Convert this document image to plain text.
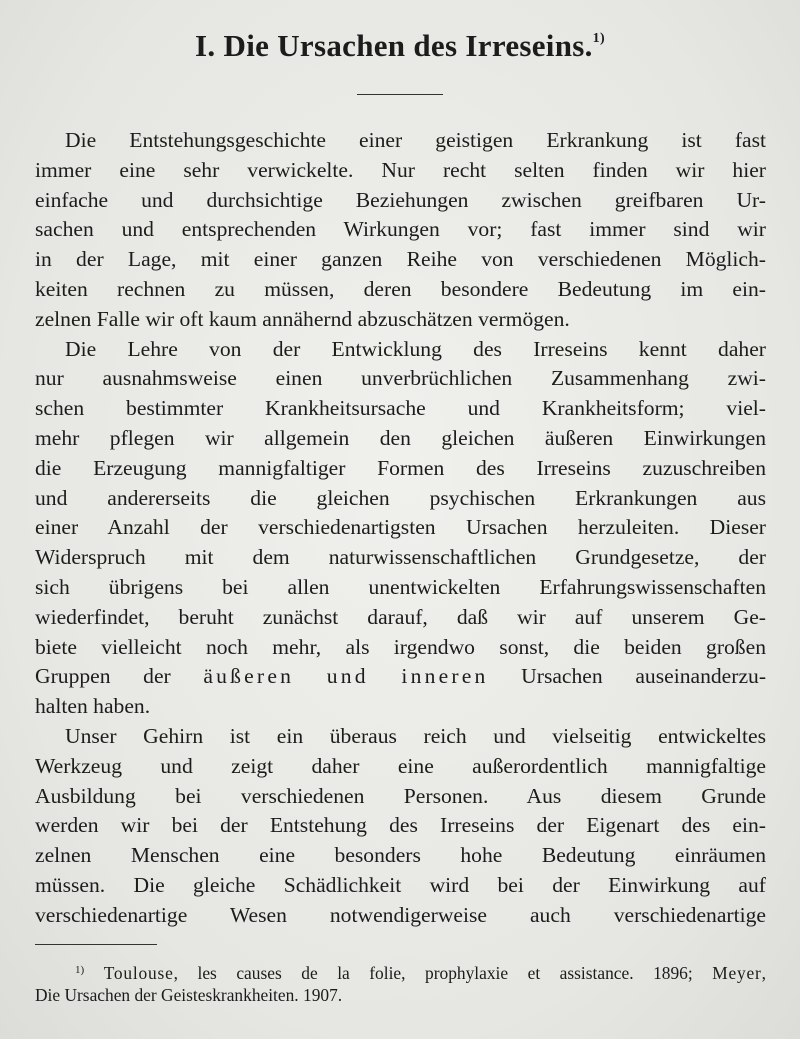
I. Die Ursachen des Irreseins.$^{1)}$
Die Entstehungsgeschichte einer geistigen Erkrankung ist fast
immer eine sehr verwickelte. Nur recht selten finden wir hier
einfache und durchsichtige Beziehungen zwischen greifbaren Ur-
sachen und entsprechenden Wirkungen vor; fast immer sind wir
in der Lage, mit einer ganzen Reihe von verschiedenen Möglich-
keiten rechnen zu müssen, deren besondere Bedeutung im ein-
zelnen Falle wir oft kaum annähernd abzuschätzen vermögen.
Die Lehre von der Entwicklung des Irreseins kennt daher
nur ausnahmsweise einen unverbrüchlichen Zusammenhang zwi-
schen bestimmter Krankheitsursache und Krankheitsform; viel-
mehr pflegen wir allgemein den gleichen äußeren Einwirkungen
die Erzeugung mannigfaltiger Formen des Irreseins zuzuschreiben
und andererseits die gleichen psychischen Erkrankungen aus
einer Anzahl der verschiedenartigsten Ursachen herzuleiten. Dieser
Widerspruch mit dem naturwissenschaftlichen Grundgesetze, der
sich übrigens bei allen unentwickelten Erfahrungswissenschaften
wiederfindet, beruht zunächst darauf, daß wir auf unserem Ge-
biete vielleicht noch mehr, als irgendwo sonst, die beiden großen
Gruppen der äußeren und inneren Ursachen auseinanderzu-
halten haben.
Unser Gehirn ist ein überaus reich und vielseitig entwickeltes
Werkzeug und zeigt daher eine außerordentlich mannigfaltige
Ausbildung bei verschiedenen Personen. Aus diesem Grunde
werden wir bei der Entstehung des Irreseins der Eigenart des ein-
zelnen Menschen eine besonders hohe Bedeutung einräumen
müssen. Die gleiche Schädlichkeit wird bei der Einwirkung auf
verschiedenartige Wesen notwendigerweise auch verschiedenartige
$^{1)}$ Toulouse, les causes de la folie, prophylaxie et assistance. 1896; Meyer,
Die Ursachen der Geisteskrankheiten. 1907.
